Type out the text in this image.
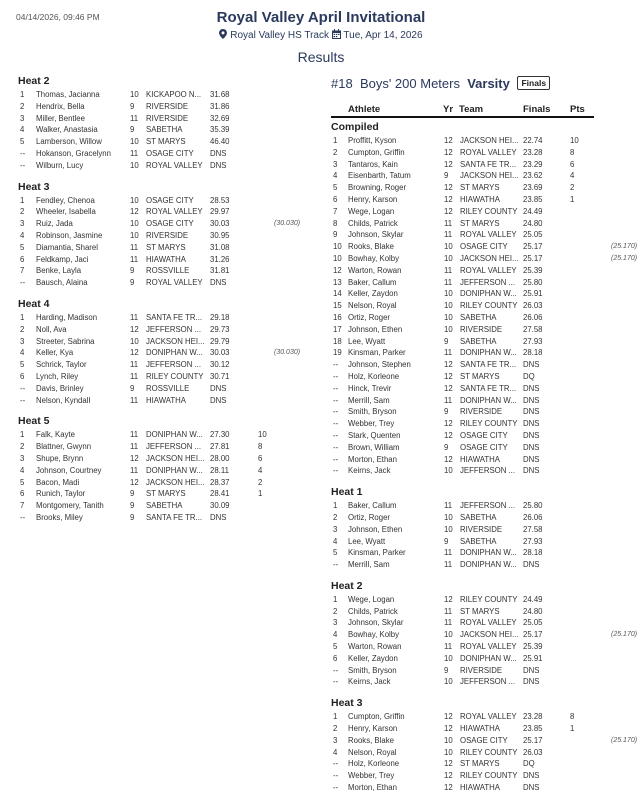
04/14/2026, 09:46 PM	Royal Valley April Invitational
Royal Valley HS Track Tue, Apr 14, 2026
Results
Heat 2
1 Thomas, Jacianna	10 KICKAPOO N... 31.68
2 Hendrix, Bella	9 RIVERSIDE	31.86
3 Miller, Bentlee	11 RIVERSIDE	32.69
4 Walker, Anastasia	9 SABETHA	35.39
5 Lamberson, Willow	10 ST MARYS	46.40
-- Hokanson, Gracelynn 11 OSAGE CITY DNS
-- Wilburn, Lucy	10 ROYAL VALLEY DNS
Heat 3
1 Fendley, Chenoa	10 OSAGE CITY 28.53
2 Wheeler, Isabella	12 ROYAL VALLEY 29.97
3 Ruiz, Jada	10 OSAGE CITY 30.03	(30.030)
4 Robinson, Jasmine	10 RIVERSIDE	30.95
5 Diamantia, Sharel	11 ST MARYS	31.08
6 Feldkamp, Jaci	11 HIAWATHA	31.26
7 Benke, Layla	9 ROSSVILLE	31.81
-- Bausch, Alaina	9 ROYAL VALLEY DNS
Heat 4
1 Harding, Madison	11 SANTA FE TR... 29.18
2 Noll, Ava	12 JEFFERSON ... 29.73
3 Streeter, Sabrina	10 JACKSON HEI... 29.79
4 Keller, Kya	12 DONIPHAN W... 30.03	(30.030)
5 Schrick, Taylor	11 JEFFERSON ... 30.12
6 Lynch, Riley	11 RILEY COUNTY 30.71
-- Davis, Brinley	9 ROSSVILLE	DNS
-- Nelson, Kyndall	11 HIAWATHA	DNS
Heat 5
1 Falk, Kayte	11 DONIPHAN W... 27.30	10
2 Blattner, Gwynn	11 JEFFERSON ... 27.81	8
3 Shupe, Brynn	12 JACKSON HEI... 28.00	6
4 Johnson, Courtney	11 DONIPHAN W... 28.11	4
5 Bacon, Madi	12 JACKSON HEI... 28.37	2
6 Runich, Taylor	9 ST MARYS	28.41	1
7 Montgomery, Tanith	9 SABETHA	30.09
-- Brooks, Miley	9 SANTA FE TR... DNS
#18 Boys' 200 Meters Varsity Finals
Athlete	Yr Team	Finals Pts
Compiled
1 Proffitt, Kyson	12 JACKSON HEI... 22.74	10
2 Cumpton, Griffin	12 ROYAL VALLEY 23.28	8
3 Tantaros, Kain	12 SANTA FE TR... 23.29	6
4 Eisenbarth, Tatum	9 JACKSON HEI... 23.62	4
5 Browning, Roger	12 ST MARYS	23.69	2
6 Henry, Karson	12 HIAWATHA	23.85	1
7 Wege, Logan	12 RILEY COUNTY 24.49
8 Childs, Patrick	11 ST MARYS	24.80
9 Johnson, Skylar	11 ROYAL VALLEY 25.05
10 Rooks, Blake	10 OSAGE CITY 25.17	(25.170)
10 Bowhay, Kolby	10 JACKSON HEI... 25.17	(25.170)
12 Warton, Rowan	11 ROYAL VALLEY 25.39
13 Baker, Callum	11 JEFFERSON ... 25.80
14 Keller, Zaydon	10 DONIPHAN W... 25.91
15 Nelson, Royal	10 RILEY COUNTY 26.03
16 Ortiz, Roger	10 SABETHA	26.06
17 Johnson, Ethen	10 RIVERSIDE	27.58
18 Lee, Wyatt	9 SABETHA	27.93
19 Kinsman, Parker	11 DONIPHAN W... 28.18
-- Johnson, Stephen	12 SANTA FE TR... DNS
-- Holz, Korleone	12 ST MARYS	DQ
-- Hinck, Trevir	12 SANTA FE TR... DNS
-- Merrill, Sam	11 DONIPHAN W... DNS
-- Smith, Bryson	9 RIVERSIDE	DNS
-- Webber, Trey	12 RILEY COUNTY DNS
-- Stark, Quenten	12 OSAGE CITY DNS
-- Brown, William	9 OSAGE CITY DNS
-- Morton, Ethan	12 HIAWATHA	DNS
-- Keirns, Jack	10 JEFFERSON ... DNS
Heat 1
1 Baker, Callum	11 JEFFERSON ... 25.80
2 Ortiz, Roger	10 SABETHA	26.06
3 Johnson, Ethen	10 RIVERSIDE	27.58
4 Lee, Wyatt	9 SABETHA	27.93
5 Kinsman, Parker	11 DONIPHAN W... 28.18
-- Merrill, Sam	11 DONIPHAN W... DNS
Heat 2
1 Wege, Logan	12 RILEY COUNTY 24.49
2 Childs, Patrick	11 ST MARYS	24.80
3 Johnson, Skylar	11 ROYAL VALLEY 25.05
4 Bowhay, Kolby	10 JACKSON HEI... 25.17	(25.170)
5 Warton, Rowan	11 ROYAL VALLEY 25.39
6 Keller, Zaydon	10 DONIPHAN W... 25.91
-- Smith, Bryson	9 RIVERSIDE	DNS
-- Keirns, Jack	10 JEFFERSON ... DNS
Heat 3
1 Cumpton, Griffin	12 ROYAL VALLEY 23.28	8
2 Henry, Karson	12 HIAWATHA	23.85	1
3 Rooks, Blake	10 OSAGE CITY 25.17	(25.170)
4 Nelson, Royal	10 RILEY COUNTY 26.03
-- Holz, Korleone	12 ST MARYS	DQ
-- Webber, Trey	12 RILEY COUNTY DNS
-- Morton, Ethan	12 HIAWATHA	DNS
